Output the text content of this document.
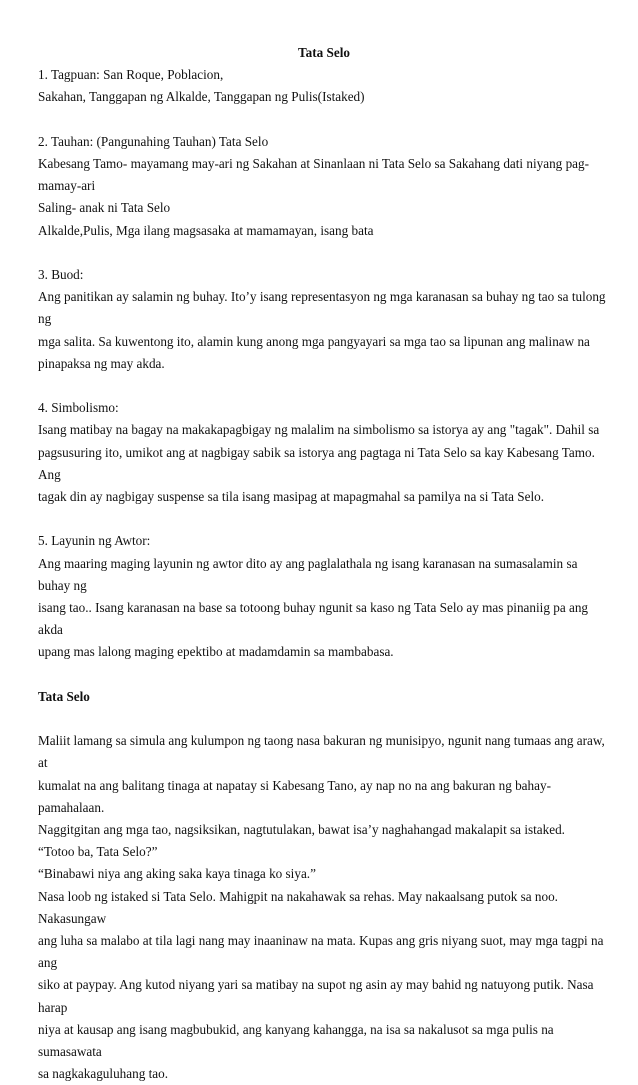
Tata Selo

1. Tagpuan: San Roque, Poblacion,

Sakahan, Tanggapan ng Alkalde, Tanggapan ng Pulis(Istaked)

2. Tauhan: (Pangunahing Tauhan) Tata Selo

Kabesang Tamo- mayamang may-ari ng Sakahan at Sinanlaan ni Tata Selo sa Sakahang dati niyang pag-

mamay-ari

Saling- anak ni Tata Selo

Alkalde,Pulis, Mga ilang magsasaka at mamamayan, isang bata

3. Buod:

Ang panitikan ay salamin ng buhay. Ito’y isang representasyon ng mga karanasan sa buhay ng tao sa tulong ng

mga salita. Sa kuwentong ito, alamin kung anong mga pangyayari sa mga tao sa lipunan ang malinaw na

pinapaksa ng may akda.

4. Simbolismo:

Isang matibay na bagay na makakapagbigay ng malalim na simbolismo sa istorya ay ang "tagak". Dahil sa

pagsusuring ito, umikot ang at nagbigay sabik sa istorya ang pagtaga ni Tata Selo sa kay Kabesang Tamo. Ang

tagak din ay nagbigay suspense sa tila isang masipag at mapagmahal sa pamilya na si Tata Selo.

5. Layunin ng Awtor:

Ang maaring maging layunin ng awtor dito ay ang paglalathala ng isang karanasan na sumasalamin sa buhay ng

isang tao.. Isang karanasan na base sa totoong buhay ngunit sa kaso ng Tata Selo ay mas pinaniig pa ang akda

upang mas lalong maging epektibo at madamdamin sa mambabasa.

Tata Selo

Maliit lamang sa simula ang kulumpon ng taong nasa bakuran ng munisipyo, ngunit nang tumaas ang araw, at

kumalat na ang balitang tinaga at napatay si Kabesang Tano, ay nap no na ang bakuran ng bahay-pamahalaan.

Naggitgitan ang mga tao, nagsiksikan, nagtutulakan, bawat isa’y naghahangad makalapit sa istaked.

“Totoo ba, Tata Selo?”

“Binabawi niya ang aking saka kaya tinaga ko siya.”

Nasa loob ng istaked si Tata Selo. Mahigpit na nakahawak sa rehas. May nakaalsang putok sa noo. Nakasungaw

ang luha sa malabo at tila lagi nang may inaaninaw na mata. Kupas ang gris niyang suot, may mga tagpi na ang

siko at paypay. Ang kutod niyang yari sa matibay na supot ng asin ay may bahid ng natuyong putik. Nasa harap

niya at kausap ang isang magbubukid, ang kanyang kahangga, na isa sa nakalusot sa mga pulis na sumasawata

sa nagkakaguluhang tao.
